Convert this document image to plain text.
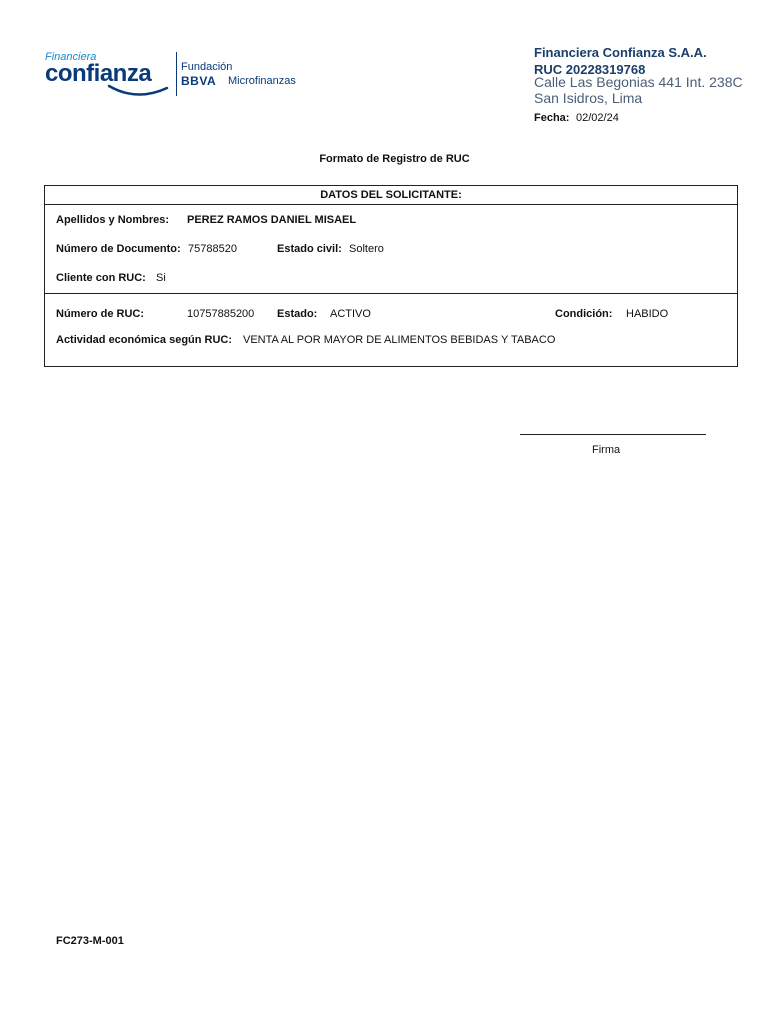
Financiera
confianza	Fundación
BBVA Microfinanzas
Financiera Confianza S.A.A.
RUC 20228319768
Calle Las Begonias 441 Int. 238C
San Isidros, Lima
Fecha: 02/02/24
Formato de Registro de RUC
DATOS DEL SOLICITANTE:
Apellidos y Nombres: PEREZ RAMOS DANIEL MISAEL
Número de Documento: 75788520	Estado civil: Soltero
Cliente con RUC: Si
Número de RUC:	10757885200 Estado: ACTIVO	Condición: HABIDO
Actividad económica según RUC: VENTA AL POR MAYOR DE ALIMENTOS BEBIDAS Y TABACO
Firma
FC273-M-001
